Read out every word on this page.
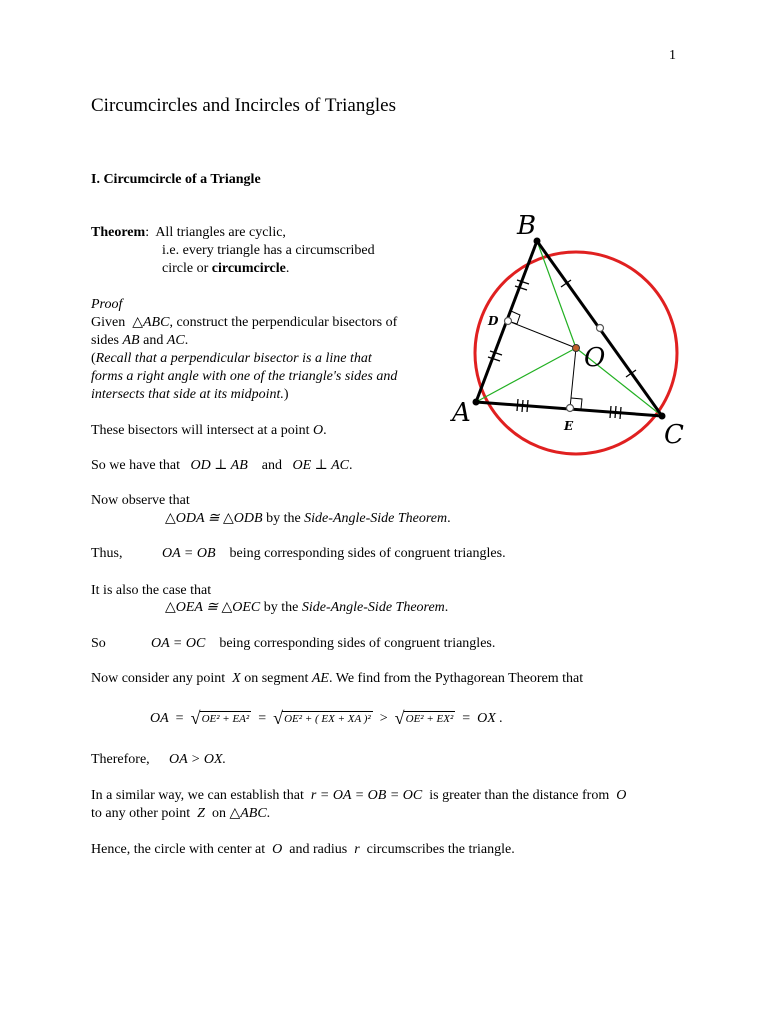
1
Circumcircles and Incircles of Triangles
I. Circumcircle of a Triangle
Theorem:  All triangles are cyclic,
i.e. every triangle has a circumscribed
circle or circumcircle.
Proof
Given △ABC, construct the perpendicular bisectors of
sides AB and AC.
(Recall that a perpendicular bisector is a line that
forms a right angle with one of the triangle's sides and
intersects that side at its midpoint.)
These bisectors will intersect at a point O.
So we have that OD ⊥ AB and OE ⊥ AC.
Now observe that
△ODA ≅ △ODB by the Side-Angle-Side Theorem.
Thus,	OA = OB being corresponding sides of congruent triangles.
It is also the case that
△OEA ≅ △OEC by the Side-Angle-Side Theorem.
So	OA = OC being corresponding sides of congruent triangles.
Now consider any point X on segment AE. We find from the Pythagorean Theorem that
OA  =  √ OE² + EA²  =  √ OE² + ( EX + XA )²  >  √ OE² + EX²  =  OX .
Therefore, OA > OX.
In a similar way, we can establish that r = OA = OB = OC is greater than the distance from O
to any other point Z on △ABC.
Hence, the circle with center at O and radius r circumscribes the triangle.
A
B
C
O
D
E
